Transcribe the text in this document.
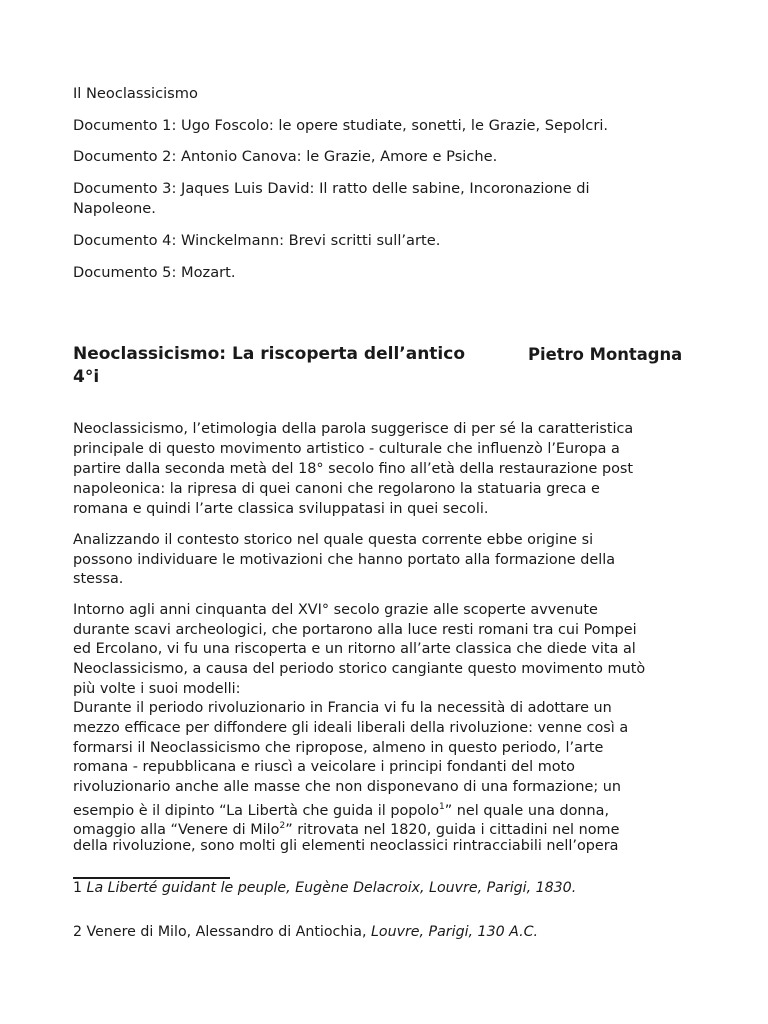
Il Neoclassicismo
Documento 1: Ugo Foscolo: le opere studiate, sonetti, le Grazie, Sepolcri.
Documento 2: Antonio Canova: le Grazie, Amore e Psiche.
Documento 3: Jaques Luis David: Il ratto delle sabine, Incoronazione di
Napoleone.
Documento 4: Winckelmann: Brevi scritti sull’arte.
Documento 5: Mozart.
Neoclassicismo: La riscoperta dell’antico	Pietro Montagna
4°i
Neoclassicismo, l’etimologia della parola suggerisce di per sé la caratteristica
principale di questo movimento artistico - culturale che influenzò l’Europa a
partire dalla seconda metà del 18° secolo fino all’età della restaurazione post
napoleonica: la ripresa di quei canoni che regolarono la statuaria greca e
romana e quindi l’arte classica sviluppatasi in quei secoli.
Analizzando il contesto storico nel quale questa corrente ebbe origine si
possono individuare le motivazioni che hanno portato alla formazione della
stessa.
Intorno agli anni cinquanta del XVI° secolo grazie alle scoperte avvenute
durante scavi archeologici, che portarono alla luce resti romani tra cui Pompei
ed Ercolano, vi fu una riscoperta e un ritorno all’arte classica che diede vita al
Neoclassicismo, a causa del periodo storico cangiante questo movimento mutò
più volte i suoi modelli:
Durante il periodo rivoluzionario in Francia vi fu la necessità di adottare un
mezzo efficace per diffondere gli ideali liberali della rivoluzione: venne così a
formarsi il Neoclassicismo che ripropose, almeno in questo periodo, l’arte
romana - repubblicana e riuscì a veicolare i principi fondanti del moto
rivoluzionario anche alle masse che non disponevano di una formazione; un
esempio è il dipinto “La Libertà che guida il popolo$^1$” nel quale una donna,
omaggio alla “Venere di Milo$^2$” ritrovata nel 1820, guida i cittadini nel nome
della rivoluzione, sono molti gli elementi neoclassici rintracciabili nell’opera
1 La Liberté guidant le peuple, Eugène Delacroix, Louvre, Parigi, 1830.
2 Venere di Milo, Alessandro di Antiochia, Louvre, Parigi, 130 A.C.
